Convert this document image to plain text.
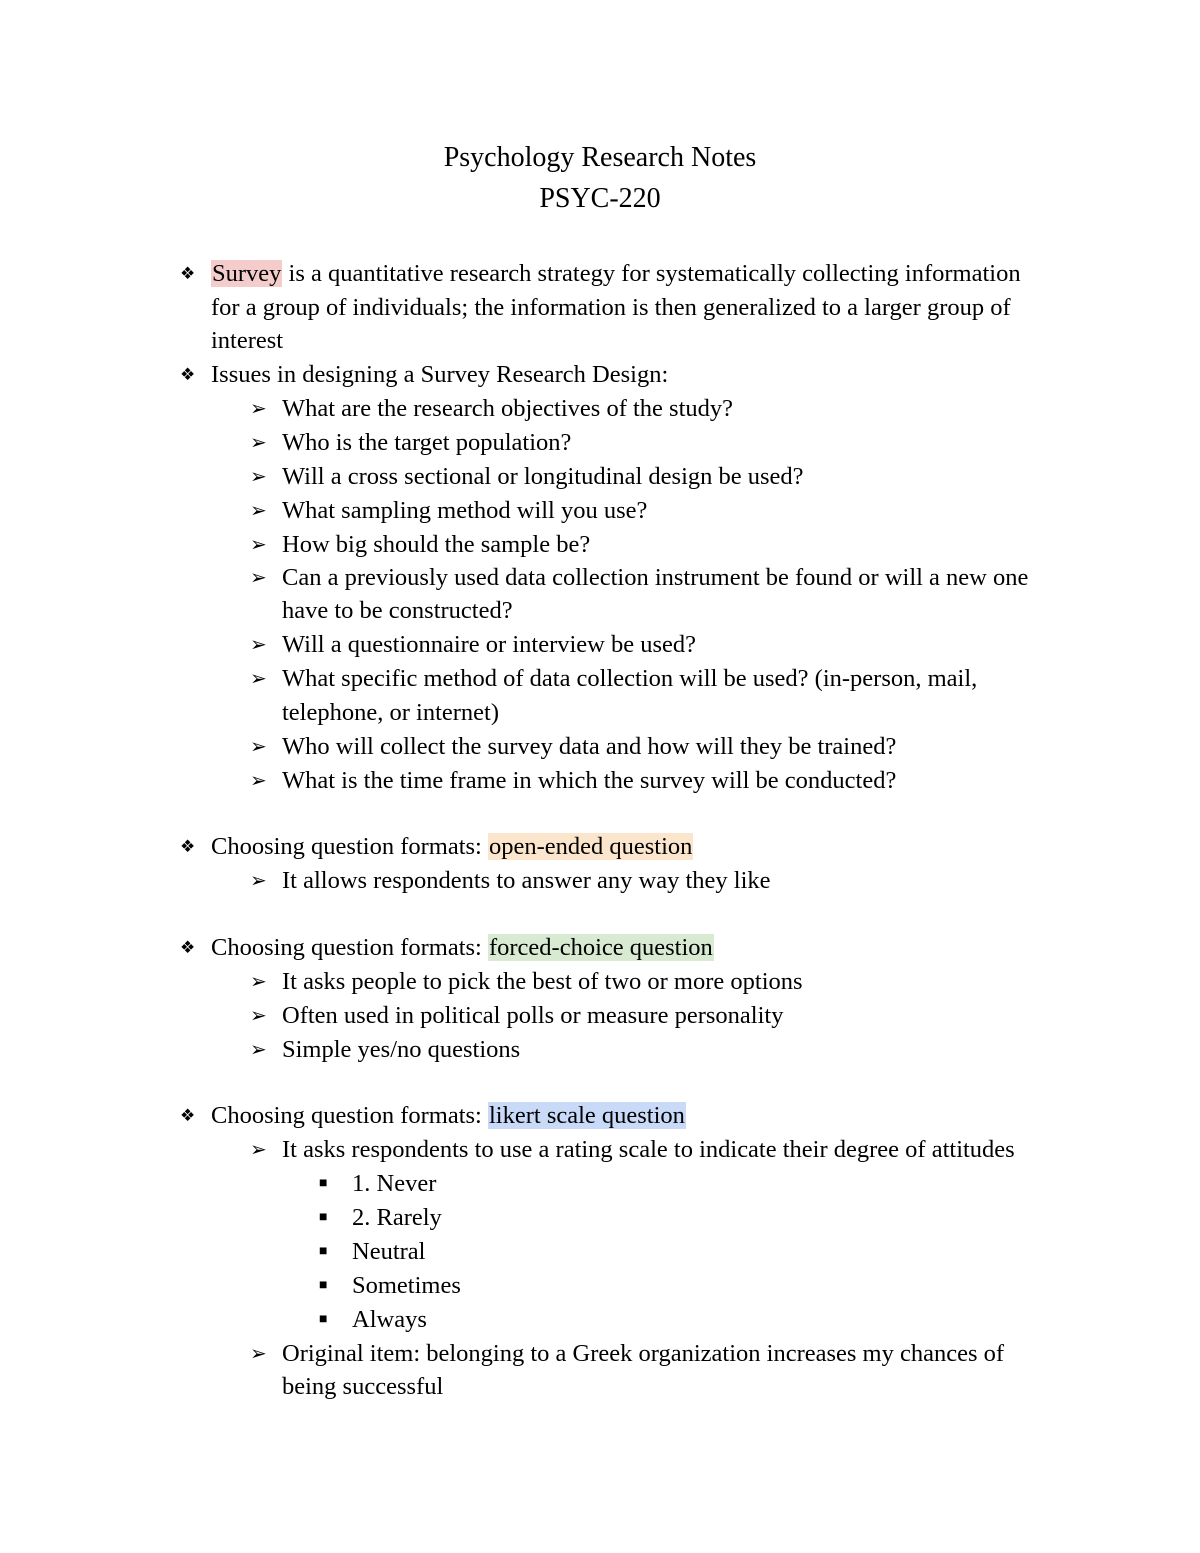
Psychology Research Notes
PSYC-220
❖ Survey is a quantitative research strategy for systematically collecting information
for a group of individuals; the information is then generalized to a larger group of
interest
❖ Issues in designing a Survey Research Design:
➢ What are the research objectives of the study?
➢ Who is the target population?
➢ Will a cross sectional or longitudinal design be used?
➢ What sampling method will you use?
➢ How big should the sample be?
➢ Can a previously used data collection instrument be found or will a new one
have to be constructed?
➢ Will a questionnaire or interview be used?
➢ What specific method of data collection will be used? (in-person, mail,
telephone, or internet)
➢ Who will collect the survey data and how will they be trained?
➢ What is the time frame in which the survey will be conducted?
❖ Choosing question formats: open-ended question
➢ It allows respondents to answer any way they like
❖ Choosing question formats: forced-choice question
➢ It asks people to pick the best of two or more options
➢ Often used in political polls or measure personality
➢ Simple yes/no questions
❖ Choosing question formats: likert scale question
➢ It asks respondents to use a rating scale to indicate their degree of attitudes
■ 1. Never
■ 2. Rarely
■ Neutral
■ Sometimes
■ Always
➢ Original item: belonging to a Greek organization increases my chances of
being successful
